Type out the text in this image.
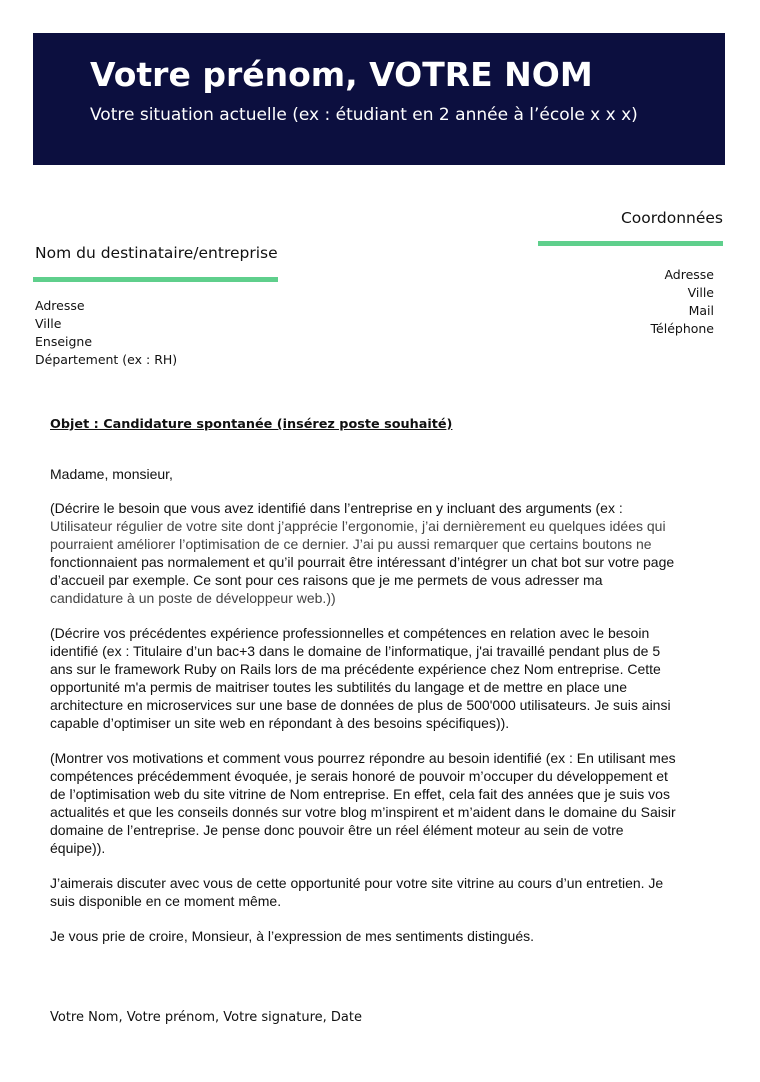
Votre prénom, VOTRE NOM
Votre situation actuelle (ex : étudiant en 2 année à l’école x x x)
Coordonnées
Adresse
Ville
Mail
Téléphone
Nom du destinataire/entreprise
Adresse
Ville
Enseigne
Département (ex : RH)
Objet : Candidature spontanée (insérez poste souhaité)

Madame, monsieur,

(Décrire le besoin que vous avez identifié dans l’entreprise en y incluant des arguments (ex :
Utilisateur régulier de votre site dont j’apprécie l’ergonomie, j’ai dernièrement eu quelques idées qui
pourraient améliorer l’optimisation de ce dernier. J’ai pu aussi remarquer que certains boutons ne
fonctionnaient pas normalement et qu’il pourrait être intéressant d’intégrer un chat bot sur votre page
d’accueil par exemple. Ce sont pour ces raisons que je me permets de vous adresser ma
candidature à un poste de développeur web.))

(Décrire vos précédentes expérience professionnelles et compétences en relation avec le besoin
identifié (ex : Titulaire d’un bac+3 dans le domaine de l’informatique, j'ai travaillé pendant plus de 5
ans sur le framework Ruby on Rails lors de ma précédente expérience chez Nom entreprise. Cette
opportunité m'a permis de maitriser toutes les subtilités du langage et de mettre en place une
architecture en microservices sur une base de données de plus de 500'000 utilisateurs. Je suis ainsi
capable d’optimiser un site web en répondant à des besoins spécifiques)).

(Montrer vos motivations et comment vous pourrez répondre au besoin identifié (ex : En utilisant mes
compétences précédemment évoquée, je serais honoré de pouvoir m’occuper du développement et
de l’optimisation web du site vitrine de Nom entreprise. En effet, cela fait des années que je suis vos
actualités et que les conseils donnés sur votre blog m’inspirent et m’aident dans le domaine du Saisir
domaine de l’entreprise. Je pense donc pouvoir être un réel élément moteur au sein de votre
équipe)).

J’aimerais discuter avec vous de cette opportunité pour votre site vitrine au cours d’un entretien. Je
suis disponible en ce moment même.

Je vous prie de croire, Monsieur, à l’expression de mes sentiments distingués.

Votre Nom, Votre prénom, Votre signature, Date
